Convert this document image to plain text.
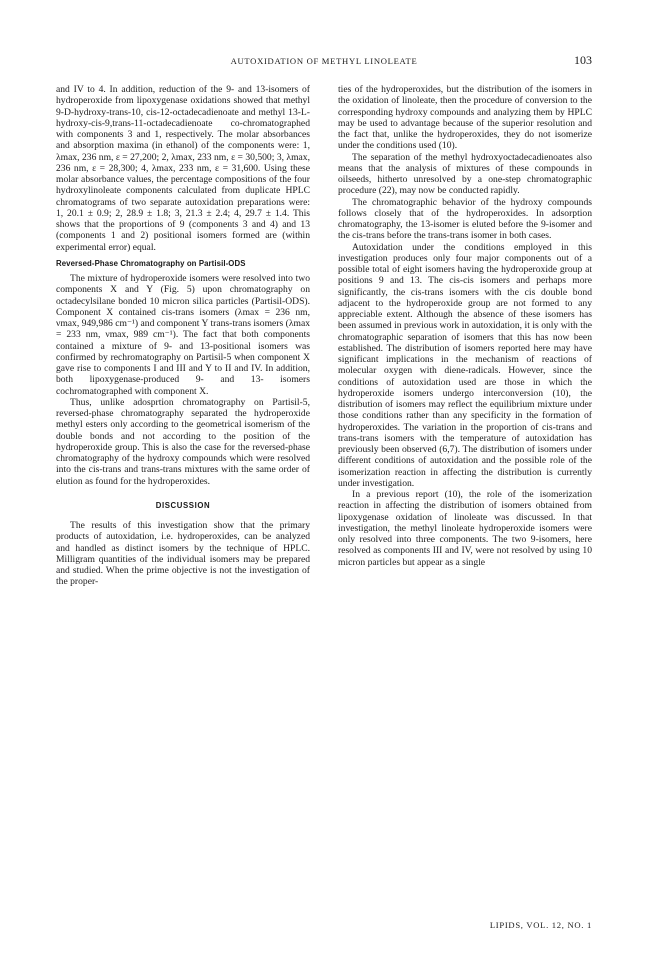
AUTOXIDATION OF METHYL LINOLEATE	103

and IV to 4. In addition, reduction of the 9- and 13-isomers of hydroperoxide from lipoxygenase oxidations showed that methyl 9-D-hydroxy-trans-10, cis-12-octadecadienoate and methyl 13-L-hydroxy-cis-9,trans-11-octadecadienoate co-chromatographed with components 3 and 1, respectively. The molar absorbances and absorption maxima (in ethanol) of the components were: 1, λmax, 236 nm, ε = 27,200; 2, λmax, 233 nm, ε = 30,500; 3, λmax, 236 nm, ε = 28,300; 4, λmax, 233 nm, ε = 31,600. Using these molar absorbance values, the percentage compositions of the four hydroxylinoleate components calculated from duplicate HPLC chromatograms of two separate autoxidation preparations were: 1, 20.1 ± 0.9; 2, 28.9 ± 1.8; 3, 21.3 ± 2.4; 4, 29.7 ± 1.4. This shows that the proportions of 9 (components 3 and 4) and 13 (components 1 and 2) positional isomers formed are (within experimental error) equal.

Reversed-Phase Chromatography on Partisil-ODS

The mixture of hydroperoxide isomers were resolved into two components X and Y (Fig. 5) upon chromatography on octadecylsilane bonded 10 micron silica particles (Partisil-ODS). Component X contained cis-trans isomers (λmax = 236 nm, νmax, 949,986 cm⁻¹) and component Y trans-trans isomers (λmax = 233 nm, νmax, 989 cm⁻¹). The fact that both components contained a mixture of 9- and 13-positional isomers was confirmed by rechromatography on Partisil-5 when component X gave rise to components I and III and Y to II and IV. In addition, both lipoxygenase-produced 9- and 13- isomers cochromatographed with component X.

Thus, unlike adosprtion chromatography on Partisil-5, reversed-phase chromatography separated the hydroperoxide methyl esters only according to the geometrical isomerism of the double bonds and not according to the position of the hydroperoxide group. This is also the case for the reversed-phase chromatography of the hydroxy compounds which were resolved into the cis-trans and trans-trans mixtures with the same order of elution as found for the hydroperoxides.

DISCUSSION

The results of this investigation show that the primary products of autoxidation, i.e. hydroperoxides, can be analyzed and handled as distinct isomers by the technique of HPLC. Milligram quantities of the individual isomers may be prepared and studied. When the prime objective is not the investigation of the proper-

ties of the hydroperoxides, but the distribution of the isomers in the oxidation of linoleate, then the procedure of conversion to the corresponding hydroxy compounds and analyzing them by HPLC may be used to advantage because of the superior resolution and the fact that, unlike the hydroperoxides, they do not isomerize under the conditions used (10).

The separation of the methyl hydroxyoctadecadienoates also means that the analysis of mixtures of these compounds in oilseeds, hitherto unresolved by a one-step chromatographic procedure (22), may now be conducted rapidly.

The chromatographic behavior of the hydroxy compounds follows closely that of the hydroperoxides. In adsorption chromatography, the 13-isomer is eluted before the 9-isomer and the cis-trans before the trans-trans isomer in both cases.

Autoxidation under the conditions employed in this investigation produces only four major components out of a possible total of eight isomers having the hydroperoxide group at positions 9 and 13. The cis-cis isomers and perhaps more significantly, the cis-trans isomers with the cis double bond adjacent to the hydroperoxide group are not formed to any appreciable extent. Although the absence of these isomers has been assumed in previous work in autoxidation, it is only with the chromatographic separation of isomers that this has now been established. The distribution of isomers reported here may have significant implications in the mechanism of reactions of molecular oxygen with diene-radicals. However, since the conditions of autoxidation used are those in which the hydroperoxide isomers undergo interconversion (10), the distribution of isomers may reflect the equilibrium mixture under those conditions rather than any specificity in the formation of hydroperoxides. The variation in the proportion of cis-trans and trans-trans isomers with the temperature of autoxidation has previously been observed (6,7). The distribution of isomers under different conditions of autoxidation and the possible role of the isomerization reaction in affecting the distribution is currently under investigation.

In a previous report (10), the role of the isomerization reaction in affecting the distribution of isomers obtained from lipoxygenase oxidation of linoleate was discussed. In that investigation, the methyl linoleate hydroperoxide isomers were only resolved into three components. The two 9-isomers, here resolved as components III and IV, were not resolved by using 10 micron particles but appear as a single

LIPIDS, VOL. 12, NO. 1
